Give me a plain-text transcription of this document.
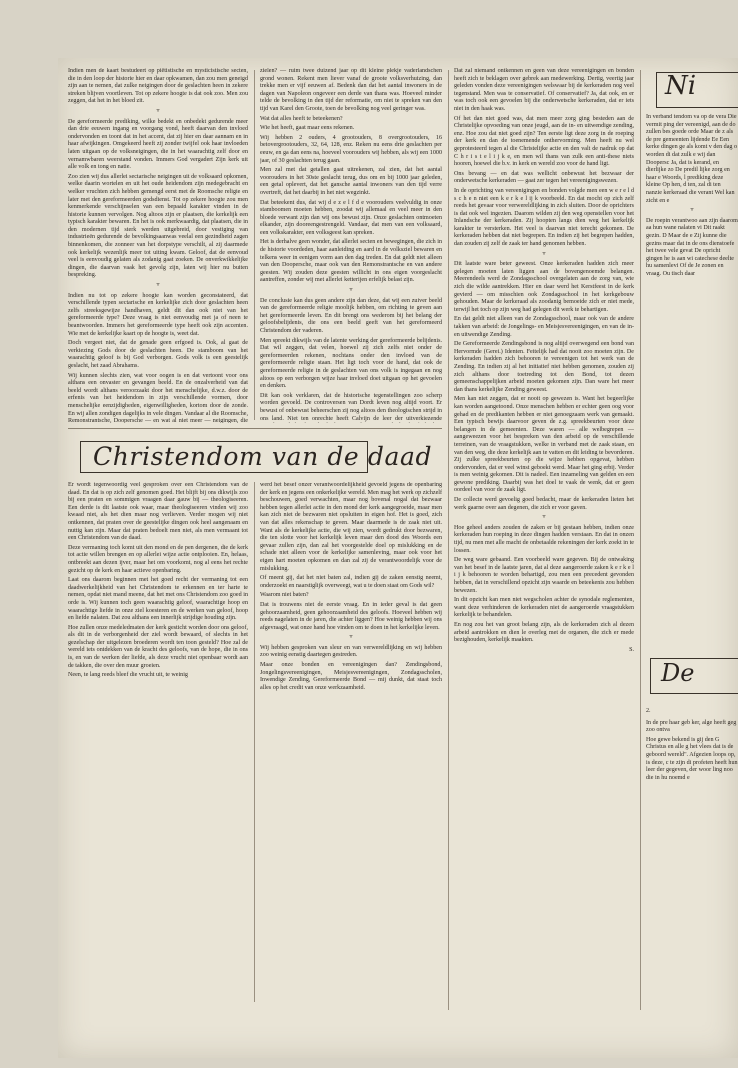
Indien men de kaart bestudeert op piëtistische en mysticistische secten, die in den loop der historie hier en daar opkwamen, dan zou men geneigd zijn aan te nemen, dat zulke neigingen door de geslachten heen in zekere streken blijven voortleven. Tot op zekere hoogte is dat ook zoo. Men zou zeggen, dat het in het bloed zit.

▿

De gereformeerde prediking, wilke bedekt en onbedekt gedurende meer dan drie eeuwen ingang en voorgang vond, heeft daarvan den invloed ondervonden en toont dat in het accent, dat zij hier en daar aannam en in haar afwijkingen. Omgekeerd heeft zij zonder twijfel ook haar invloeden laten uitgaan op de volksneigingen, die in het waarachtig zelf door en vernamwbaren weerstand vonden. Immers God vergadert Zijn kerk uit alle volk en tong en natie.

Zoo zien wij dus allerlei sectarische neigingen uit de volksaard opkomen, welke daarin wortelen en uit het oude heidendom zijn medegebracht en welker vruchten zich hebben gemengd eerst met de Roomsche religie en later met den gereformeerden godsdienst. Tot op zekere hoogte zou men kenmerkende verschijnselen van een bepaald karakter vinden in de historie kunnen vervolgen. Nog altoos zijn er plaatsen, die kerkelijk een typisch karakter bewaren. En het is ook merkwaardig, dat plaatsen, die in den modernen tijd sterk werden uitgebreid, door vestiging van industrieën gedurende de bevolkingsaanwas veelal een gezindheid zagen binnenkomen, die zonneer van het dorpstype verschilt, al zij daarmede ook kerkelijk wezenlijk meer tot uiting kwam. Geloof, dat de eenvoud veel is eenvoudig gelaten als zodanig gaat zoeken. De onverkwikkelijke dingen, die daarvan vaak het gevolg zijn, laten wij hier nu buiten bespreking.

▿

Indien nu tot op zekere hoogte kan worden geconstateerd, dat verschillende typen sectarische en kerkelijke zich door geslachten heen zelfs streeksgewijze handhaven, geldt dit dan ook niet van het gereformeerde type? Deze vraag is niet eenvoudig met ja of neen te beantwoorden. Immers het gereformeerde type heeft ook zijn accenten. Wie met de kerkelijke kaart op de hoogte is, weet dat.

Doch vergeet niet, dat de genade geen erfgoed is. Ook, al gaat de verkiezing Gods door de geslachten heen. De stamboom van het waarachtig geloof is bij God verborgen. Gods volk is een geestelijk geslacht, het zaad Abrahams.

Wij kunnen slechts zien, wat voor oogen is en dat vertoont voor ons althans een onvaster en gevangen beeld. En de onzalverheid van dat beeld wordt althans veroorzaakt door het menschelijke, d.w.z. door de erfenis van het heidendom in zijn verschillende vormen, door menschelijke eenzijdigheden, eigenwilligheden, kortom door de zonde. En wij allen zondigen dagelijks in vele dingen. Vandaar al die Roomsche, Remonstrantsche, Doopersche — en wat al niet meer — neigingen, die

zielen? — ruim twee duizend jaar op dit kleine plekje vaderlandschen grond wonen. Rekent men liever vanaf de groote volksverhuizing, dan trekke men er vijf eeuwen af. Bedenk dan dat het aantal inwoners in de dagen van Napoleon ongeveer een derde van thans was. Hoeveel minder telde de bevolking in den tijd der reformatie, om niet te spreken van den tijd van Karel den Groote, toen de bevolking nog veel geringer was.

Wat dat alles heeft te beteekenen?

Wie het heeft, gaat maar eens rekenen.

Wij hebben 2 ouders, 4 grootouders, 8 overgrootouders, 16 betovergrootouders, 32, 64, 128, enz. Reken nu eens drie geslachten per eeuw, en ga dan eens na, hoeveel voorouders wij hebben, als wij een 1000 jaar, of 30 geslachten terug gaan.

Men zal met dat getallen gaat uitrekenen, zal zien, dat het aantal voorouders in het 30ste geslacht terug, dus om en bij 1000 jaar geleden, een getal oplevert, dat het gansche aantal inwoners van den tijd verre overtreft, dat het daarbij in het niet wegzinkt.

Dat beteekent dus, dat wij d e z e l f d e voorouders veelvuldig in onze stamboomen moeten hebben, zoodat wij allemaal en veel meer in den bloede verwant zijn dan wij ons bewust zijn. Onze geslachten ontmoeten elkander, zijn dooreengestrengeld. Vandaar, dat men van een volksaard, een volkskarakter, een volksgeest kan spreken.

Het is derhalve geen wonder, dat allerlei secten en bewegingen, die zich in de historie voordeden, haar aanleiding en aard in de volksziel bewaren en telkens weer in eenigen vorm aan den dag treden. En dat geldt niet alleen van den Doopersche, maar ook van den Remonstrantsche en van andere geesten. Wij zouden deze geesten willicht in ons eigen voorgeslacht aantreffen, zonder wij met allerlei ketterijen erfelijk belast zijn.

▿

De conclusie kan dus geen andere zijn dan deze, dat wij een zuiver beeld van de gereformeerde religie moolijk hebben, om richting te geven aan het gereformeerde leven. En dit brengt ons wederom bij het belang der geloofsbelijdenis, die ons een beeld geeft van het gereformeerd Christendom der vaderen.

Men spreekt dikwijls van de latente werking der gereformeerde belijdenis. Dat wil zeggen, dat velen, hoewel zij zich zelfs niet onder de gereformeerden rekenen, nochtans onder den invloed van de gereformeerde religie staan. Het ligt toch voor de hand, dat ook de gereformeerde religie in de geslachten van ons volk is ingegaan en nog altoos op een verborgen wijze haar invloed doet uitgaan op het gevoelen en denken.

Dit kan ook verklaren, dat de historische tegenstellingen zoo scherp worden gevoeld. De controversen van Dordt leven nog altijd voort. Er bewust of onbewust beheerschen zij nog altoos den theologischen strijd in ons land. Niet ten onrechte heeft Calvijn de leer der uitverkiezende

Christendom van de daad

Er wordt tegenwoordig veel gesproken over een Christendom van de daad. En dat is op zich zelf genomen goed. Het blijft bij ons dikwijls zoo bij een praten en sommigen vraagen daar gauw bij — theologiseeren. Een derde is dit laatste ook waar, maar theologiseeren vinden wij zoo kwaad niet, als het dien maar nog verlieven. Verder mogen wij niet ontkennen, dat praten over de geestelijke dingen ook heel aangenaam en nuttig kan zijn. Maar dat praten bedoelt men niet, als men vermaant tot een Christendom van de daad.

Deze vermaning toch komt uit den mond en de pen dergenen, die de kerk tot actie willen brengen en op allerlei wijze actie ontplooien. En, helaas, ontbreekt aan dezen ijver, maar het om voorkomt, nog al eens het rechte gezicht op de kerk en haar actieve openbaring.

Laat ons daarom beginnen met het goed recht der vermaning tot een daadwerkelijkheid van het Christendom te erkennen en ter harte te nemen, opdat niet mand meene, dat het met ons Christendom zoo goed in orde is. Wij kunnen toch geen waarachtig geloof, waarachtige hoop en waarachtige liefde in onze ziel koesteren en de werken van geloof, hoop en liefde nalaten. Dat zou althans een innerlijk strijdige houding zijn.

Hoe zullen onze medeledmaten der kerk gesticht worden door ons geloof, als dit in de verborgenheid der ziel wordt bewaard, of slechts in het gezelschap der uitgelezen broederen wordt ten toon gesteld? Hoe zal de wereld iets ontdekken van de kracht des geloofs, van de hope, die in ons is, en van de werken der liefde, als deze vrucht niet openbaar wordt aan de takken, die over den muur groeien.

Neen, te lang reeds bleef die vrucht uit, te weinig

werd het besef onzer verantwoordelijkheid gevoeld jegens de openbaring der kerk en jegens een onkerkelijke wereld. Men mag het werk op zichzelf beschouwen, goed verwachten, maar nog bovenal nogal dat bezwaar hebben tegen allerlei actie in den mond der kerk aangegroeide, maar men kan zich niet de bezwaren niet opsluiten in eigen hof. Het is goed, zich van dat alles rekenschap te geven. Maar daarmede is de zaak niet uit. Want als de kerkelijke actie, die wij zien, wordt gedrukt door bezwaren, die ten slotte voor het kerkelijk leven maar den dood des Woords een gevaar zullen zijn, dan zal het voorgestelde doel op mislukking en de schade niet alleen voor de kerkelijke samenleving, maar ook voor het eigen hart moeten opkomen en dan zal zij de verantwoordelijk voor de mislukking.

Of meent gij, dat het niet baten zal, indien gij de zaken eenstig neemt, onderzoekt en naarstiglijk overweegt, wat u te doen staat om Gods wil?

Waarom niet baten?

Dat is trouwens niet de eerste vraag. En in ieder geval is dat geen gehoorzaamheid, geen gehoorzaamheid des geloofs. Hoeveel hebben wij reeds nagelaten in de jaren, die achter liggen? Hoe weinig hebben wij ons afgevraagd, wat onze hand hoe vinden om te doen in het kerkelijke leven.

▿

Wij hebben gesproken van sleur en van verwereldlijking en wij hebben zoo weinig eenstig daartegen gestreden.

Maar onze bonden en vereenigingen dan? Zendingsbond, Jongelingsvereenigingen, Meisjesvereenigingen, Zondagsscholen, Inwendige Zending, Gereformeerde Bond — mij dunkt, dat staat toch alles op het credit van onze werkzaamheid.

Dat zal niemand ontkennen en geen van deze vereenigingen en bonden heeft zich te beklagen over gebrek aan medewerking. Dertig, veertig jaar geleden vonden deze vereenigingen welswaar bij de kerkeraden nog veel tegenstand. Men was te conservatief. Of conservatief? Ja, dat ook, en er was toch ook een gevoelen bij die onderwetsche kerkeraden, dat er iets niet in den haak was.

Of het dan niet goed was, dat men meer zorg ging besteden aan de Christelijke opvoeding van onze jeugd, aan de in- en uitwendige zending, enz. Hoe zou dat niet goed zijn? Ten eerste ligt deze zorg in de roeping der kerk en dan de toenemende onthervorming. Men heeft nu wel geprotesteerd tegen al die Christelijke actie en den valt de nadruk op dat C h r i s t e l i j k e, en men wil thans van zulk een anti-these niets hooren, hoewel die b.v. in kerk en wereld zoo voor de hand ligt.

Ons bevang — en dat was wellicht onbewust het bezwaar der onderwetsche kerkeraden — gaat zer tegen het vereenigingswezen.

In de oprichting van vereenigingen en bonden volgde men een w e r e l d s c h e n niet een k e r k e l ij k voorbeeld. En dat mocht op zich zelf reeds het gevaar voor verwereldlijking in zich sluiten. Door de oprichters is dat ook wel ingezien. Daarom wilden zij den weg openstellen voor het Inlandsche der kerkeraden. Zij hoopten langs dien weg het kerkelijk karakter te versterken. Het veel is daarvan niet terecht gekomen. De kerkeraden hebben dat niet begrepen. En indien zij het begrepen hadden, dan zouden zij zelf de zaak ter hand genomen hebben.

▿

Dit laatste ware beter geweest. Onze kerkeraden hadden zich meer gelegen moeten laten liggen aan de bovengenoemde belangen. Meerendeels werd de Zondagsschool overgelaten aan de zorg van, wie zich die wilde aantrekken. Hier en daar werd het Kerstfeest in de kerk gevierd — om misschien ook Zondagsschool in het kerkgebouw gehouden. Maar de kerkeraad als zoodanig bemoeide zich er niet mede, terwijl het toch op zijn weg had gelegen dit werk te behartigen.

En dat geldt niet alleen van de Zondagsschool, maar ook van de andere takken van arbeid: de Jongelings- en Meisjesvereenigingen, en van de in- en uitwendige Zending.

De Gereformeerde Zendingsbond is nog altijd overwegend een bond van Hervormde (Gerei.) Identen. Feitelijk had dat nooit zoo moeten zijn. De kerkeraden hadden zich behooren te vereenigen tot het werk van de Zending. En indien zij al het initiatief niet hebben genomen, zouden zij zich althans door toetreding tot den Bond, tot dezen gemeenschappelijken arbeid moeten gekomen zijn. Dan ware het meer dan thans kerkelijke Zending geweest.

Men kan niet zeggen, dat er nooit op gewezen is. Want het begeerlijke kan worden aangetoond. Onze menschen hebben er echter geen oog voor gehad en de predikanten hebben er niet genoegzaam werk van gemaakt. Een typisch bewijs daarvoor geven de z.g. spreekbeurten voor deze belangen in de gemeenten. Deze waren — alle welbegrepen — aangeweezen voor het bespreken van den arbeid op de verschillende terreinen, van de vraagstukken, welke in verband met de zaak staan, en van den weg, die deze kerkelijk aan te vatten en dit leiding te bevorderen. Zij zulke spreekbeurten op die wijze hebben opgevat, hebben ondervonden, dat er veel winst geboekt werd. Maar het ging erbij. Verder is men weinig gekomen. Dit is nadeel. Een inzameling van gelden en een gewone prediking. Daarbij was het doel te vaak de wenk, dat er geen oordeel van voor de zaak ligt.

De collecte werd gevoelig goed bedacht, maar de kerkeraden lieten het werk gaarne over aan degenen, die zich er voor gaven.

▿

Hoe geheel anders zouden de zaken er bij gestaan hebben, indien onze kerkeraden hun roeping in deze dingen hadden verstaan. En dat in onzen tijd, nu men met alle macht de onbetaalde rekeningen der kerk zoekt in te lossen.

De weg ware gebaand. Een voorbeeld ware gegeven. Bij de ontwaking van het besef in de laatste jaren, dat al deze aangeroerde zaken k e r k e l i j k behooren te worden behartigd, zou men een precedent gevonden hebben, dat in verschillend opzicht zijn waarde en beteekenis zou hebben bewezen.

In dit opzicht kan men niet wegscholen achter de synodale reglementen, want deze verhinderen de kerkeraden niet de aangeroerde vraagstukken kerkelijk te behandelen.

En nog zou het van groot belang zijn, als de kerkeraden zich al dezen arbeid aantrokken en dien le overleg met de organen, die zich er mede bezighouden, kerkelijk maakten.

S.
Ni

In verband tendom va op de vera Die vermit ping der vereenigd, aan de do zullen bes goede orde Maar de z als de pre gemeenten lijdende Ee Een kerke dingen ge als komt v den dag o worden di dat zulk e wij dan Doopersc Ja, dat is kerand, en dierlijke zo De predil lijke zorg en haar e Woords, l prediking deze kleine Op hen, d ten, zal di ten nanzie kerkeraad die verant Wel kan zicht en e

▿

De roepin verantwoo aan zijn daarom aa hun wane nalaten vi Dit raakt gezin. D Maar de e Zij kunne die gezins maar dat in de ons dienstoefe het twee vele gevat De opricht gingen he is aan wi catechese deelte hu samenlevi Of de Je zonen en vraag. Ou tisch daar

De

2.

In de pre haar geb ker, alge heeft geg zoo ontva

Hoe gewe bekend is gij den G Christus en alle g het vlees dat is de geboord wereld". Afgezien loops op, is deze, c te zijn di profeten heeft hun leer der gegeven, der woor ling noo die in hu noemd e
